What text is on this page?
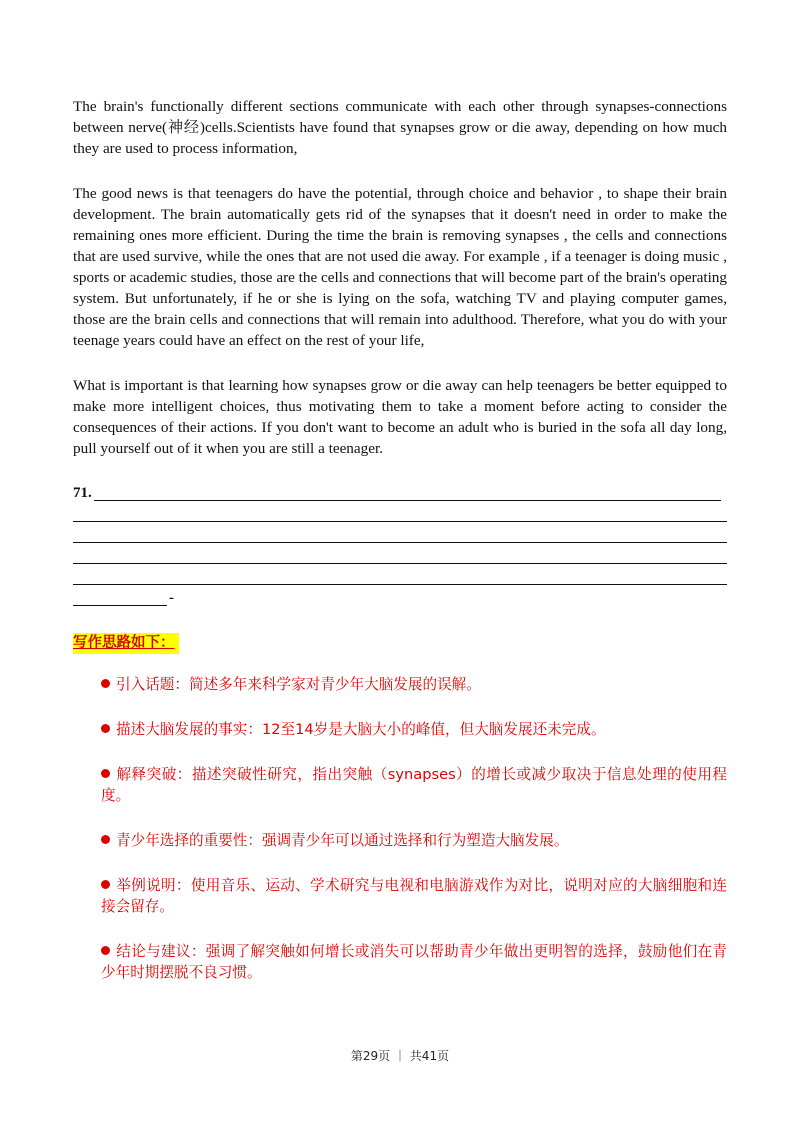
The brain's functionally different sections communicate with each other through synapses-connections between nerve(神经)cells.Scientists have found that synapses grow or die away, depending on how much they are used to process information,

The good news is that teenagers do have the potential, through choice and behavior , to shape their brain development. The brain automatically gets rid of the synapses that it doesn't need in order to make the remaining ones more efficient. During the time the brain is removing synapses , the cells and connections that are used survive, while the ones that are not used die away. For example , if a teenager is doing music , sports or academic studies, those are the cells and connections that will become part of the brain's operating system. But unfortunately, if he or she is lying on the sofa, watching TV and playing computer games, those are the brain cells and connections that will remain into adulthood. Therefore, what you do with your teenage years could have an effect on the rest of your life,

What is important is that learning how synapses grow or die away can help teenagers be better equipped to make more intelligent choices, thus motivating them to take a moment before acting to consider the consequences of their actions. If you don't want to become an adult who is buried in the sofa all day long, pull yourself out of it when you are still a teenager.

71.
-
写作思路如下：
引入话题：简述多年来科学家对青少年大脑发展的误解。
描述大脑发展的事实：12至14岁是大脑大小的峰值，但大脑发展还未完成。
解释突破：描述突破性研究，指出突触（synapses）的增长或减少取决于信息处理的使用程度。
青少年选择的重要性：强调青少年可以通过选择和行为塑造大脑发展。
举例说明：使用音乐、运动、学术研究与电视和电脑游戏作为对比，说明对应的大脑细胞和连接会留存。
结论与建议：强调了解突触如何增长或消失可以帮助青少年做出更明智的选择，鼓励他们在青少年时期摆脱不良习惯。
第29页 ｜ 共41页
